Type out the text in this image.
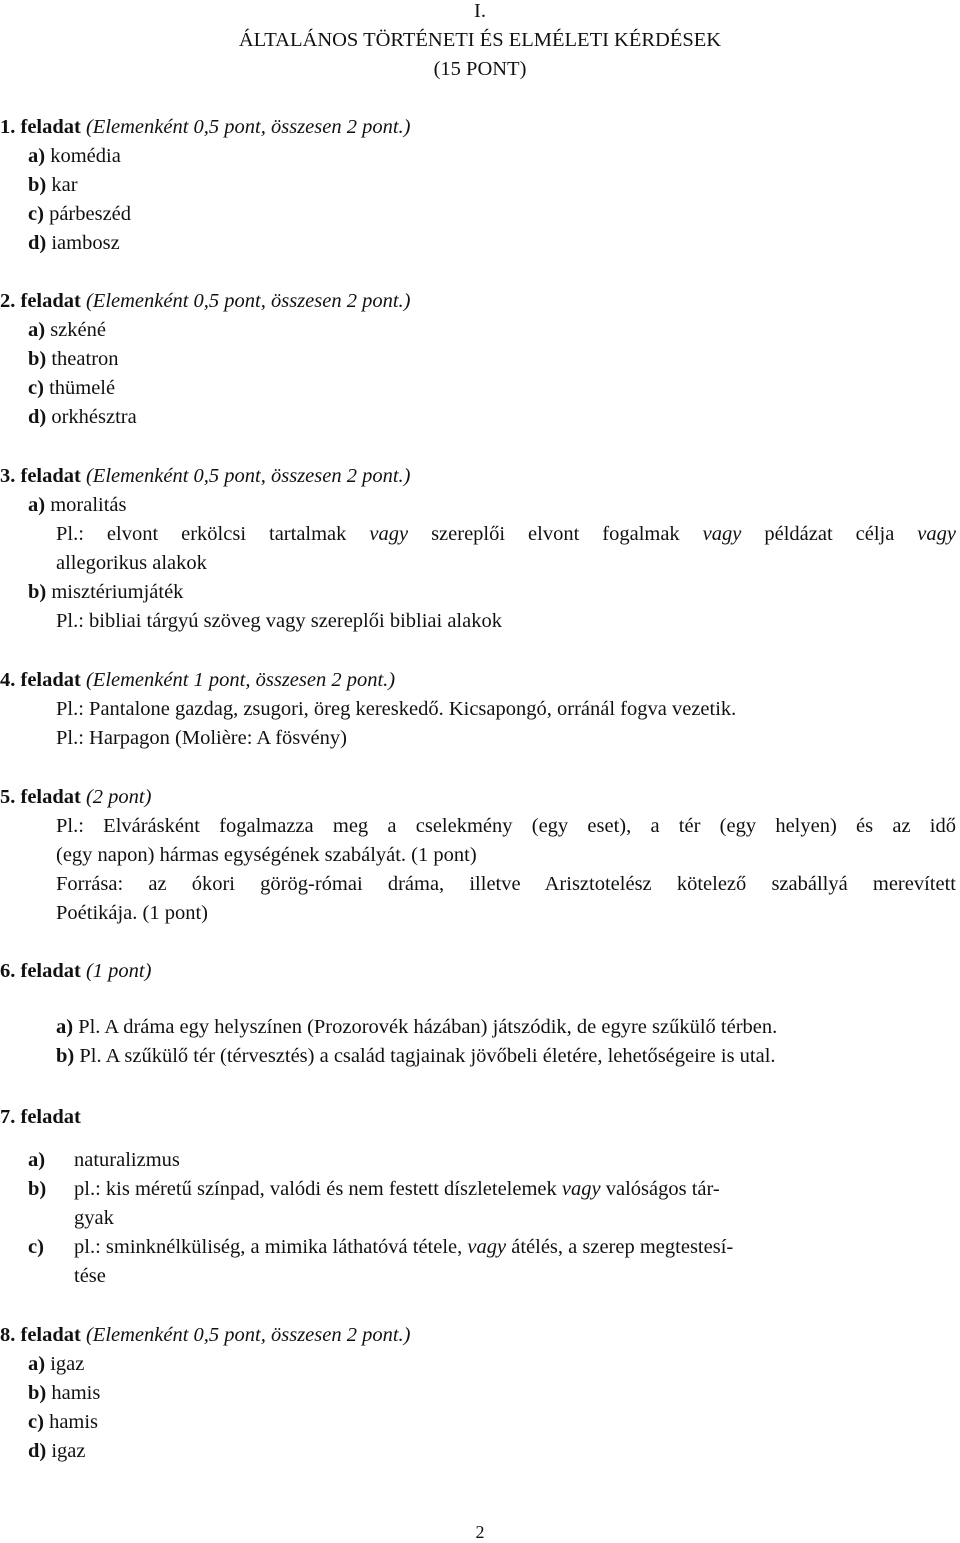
I.
ÁLTALÁNOS TÖRTÉNETI ÉS ELMÉLETI KÉRDÉSEK
(15 PONT)
1. feladat (Elemenként 0,5 pont, összesen 2 pont.)
a) komédia
b) kar
c) párbeszéd
d) iambosz
2. feladat (Elemenként 0,5 pont, összesen 2 pont.)
a) szkéné
b) theatron
c) thümelé
d) orkhésztra
3. feladat (Elemenként 0,5 pont, összesen 2 pont.)
a) moralitás
Pl.: elvont erkölcsi tartalmak vagy szereplői elvont fogalmak vagy példázat célja vagy
allegorikus alakok
b) misztériumjáték
Pl.: bibliai tárgyú szöveg vagy szereplői bibliai alakok
4. feladat (Elemenként 1 pont, összesen 2 pont.)
Pl.: Pantalone gazdag, zsugori, öreg kereskedő. Kicsapongó, orránál fogva vezetik.
Pl.: Harpagon (Molière: A fösvény)
5. feladat (2 pont)
Pl.: Elvárásként fogalmazza meg a cselekmény (egy eset), a tér (egy helyen) és az idő
(egy napon) hármas egységének szabályát. (1 pont)
Forrása: az ókori görög-római dráma, illetve Arisztotelész kötelező szabállyá merevített
Poétikája. (1 pont)
6. feladat (1 pont)
a) Pl. A dráma egy helyszínen (Prozorovék házában) játszódik, de egyre szűkülő térben.
b) Pl. A szűkülő tér (térvesztés) a család tagjainak jövőbeli életére, lehetőségeire is utal.
7. feladat
a) naturalizmus
b) pl.: kis méretű színpad, valódi és nem festett díszletelemek vagy valóságos tár-
gyak
c) pl.: sminknélküliség, a mimika láthatóvá tétele, vagy átélés, a szerep megtestesí-
tése
8. feladat (Elemenként 0,5 pont, összesen 2 pont.)
a) igaz
b) hamis
c) hamis
d) igaz
2
